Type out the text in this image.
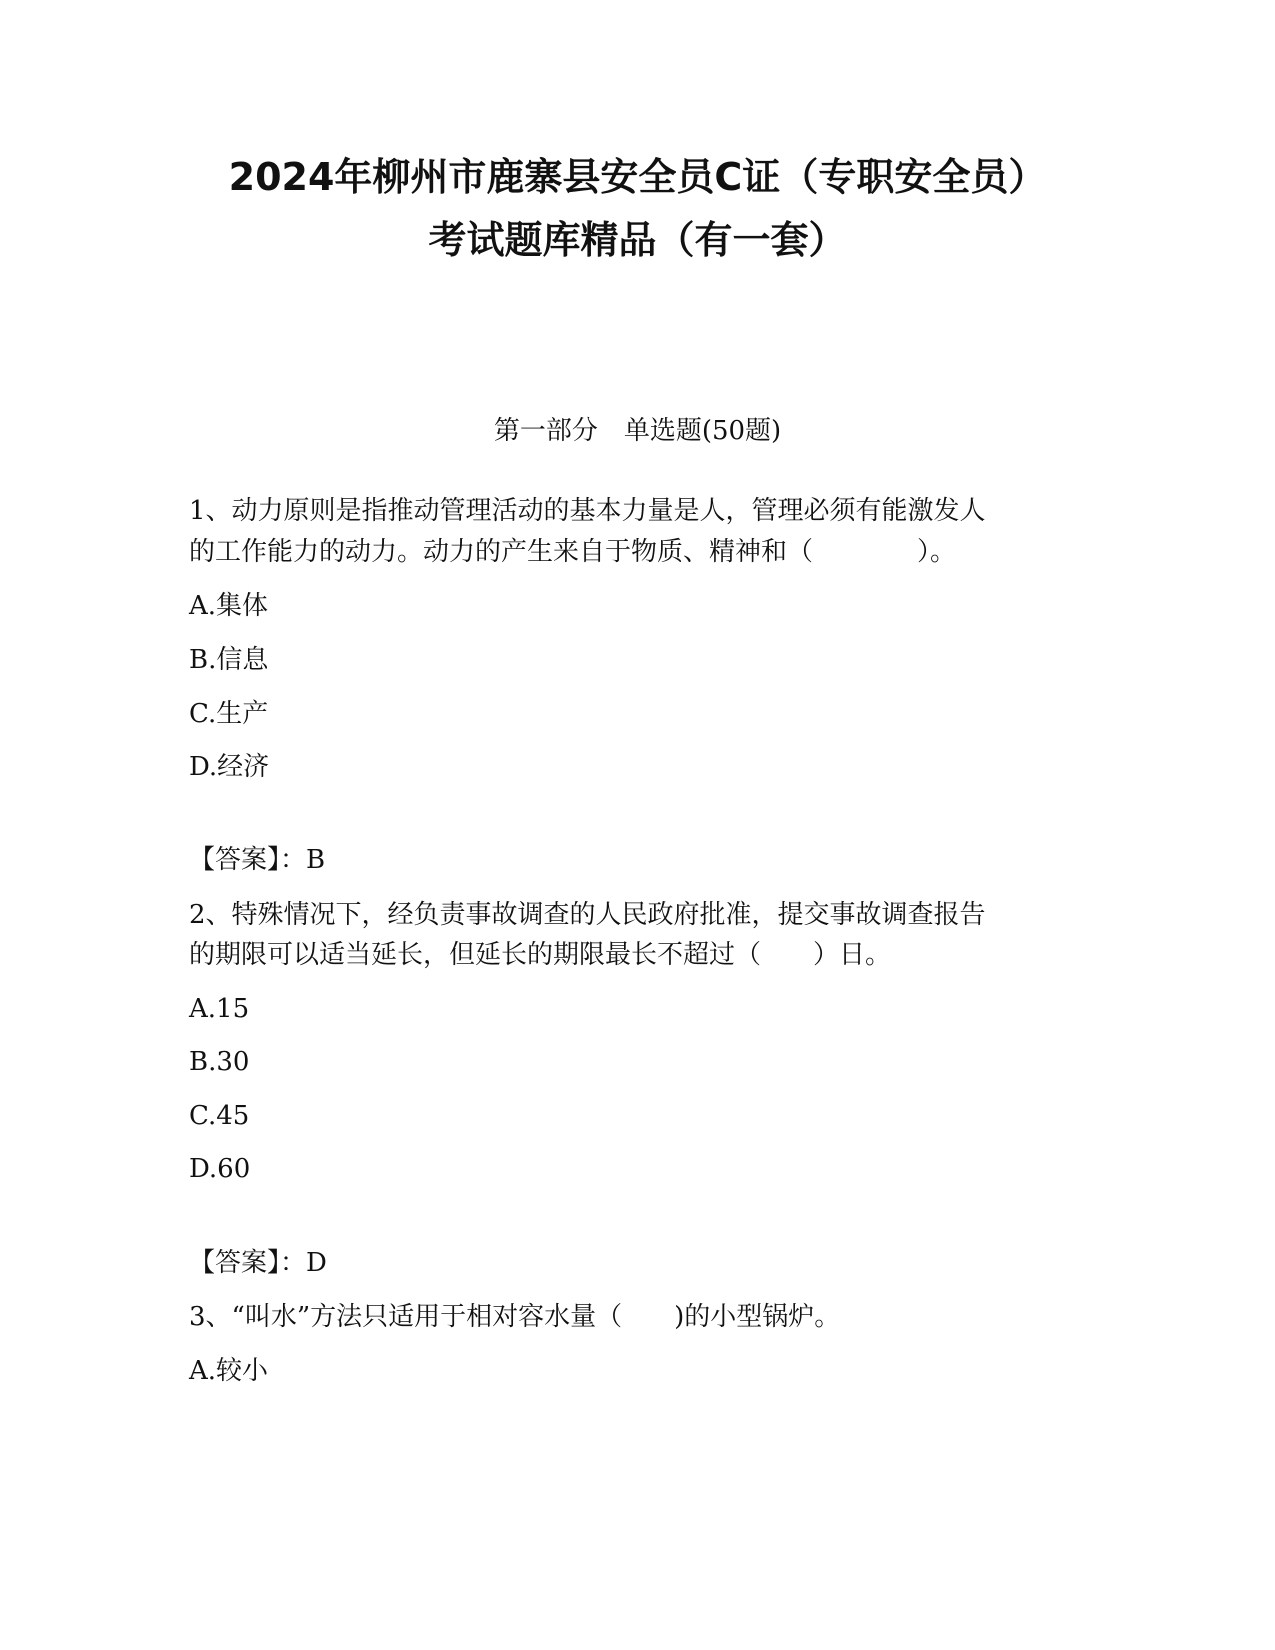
2024年柳州市鹿寨县安全员C证（专职安全员）
考试题库精品（有一套）
第一部分　单选题(50题)
1、动力原则是指推动管理活动的基本力量是人，管理必须有能激发人
的工作能力的动力。动力的产生来自于物质、精神和（　　　　）。
A.集体
B.信息
C.生产
D.经济
【答案】：B
2、特殊情况下，经负责事故调查的人民政府批准，提交事故调查报告
的期限可以适当延长，但延长的期限最长不超过（　　）日。
A.15
B.30
C.45
D.60
【答案】：D
3、“叫水”方法只适用于相对容水量（　　)的小型锅炉。
A.较小
